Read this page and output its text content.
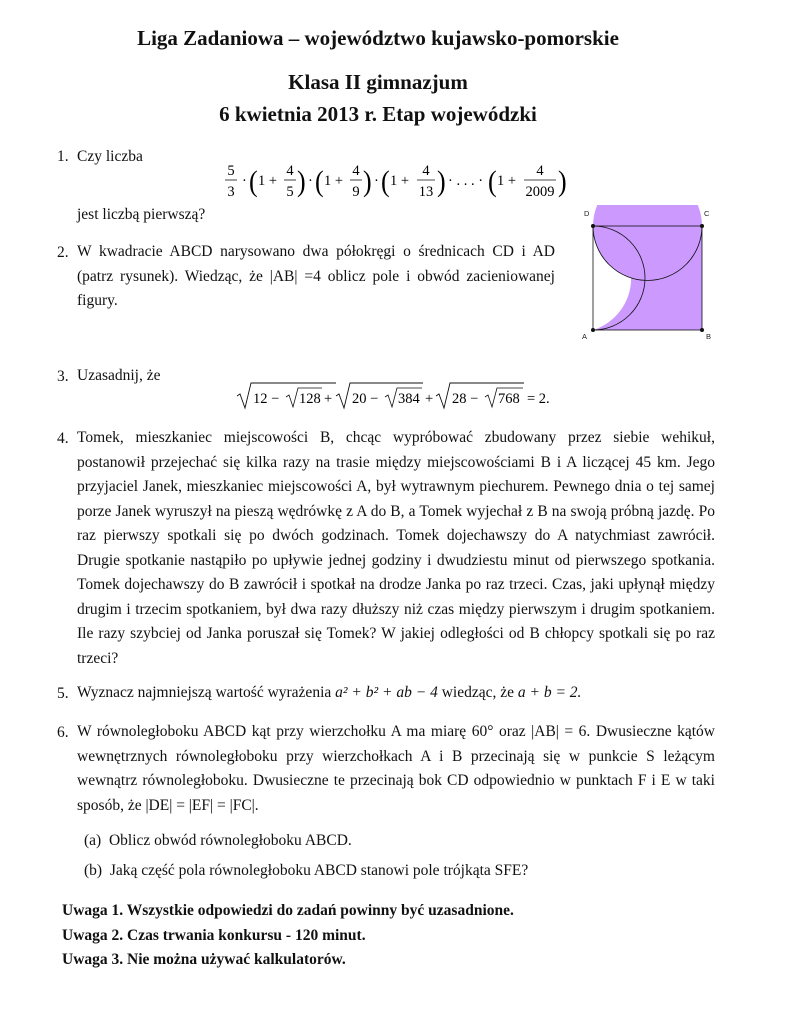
Liga Zadaniowa – województwo kujawsko-pomorskie
Klasa II gimnazjum
6 kwietnia 2013 r. Etap wojewódzki
1. Czy liczba
5
3
· ( 1 +
4
5 ) · ( 1 +
4
9 ) · ( 1 +
4
13 ) · . . . · ( 1 +
4
2009 )
jest liczbą pierwszą?
2. W kwadracie ABCD narysowano dwa półokręgi o średnicach CD i AD (patrz rysunek). Wiedząc, że |AB| =4 oblicz pole i obwód zacieniowanej figury.
D	C
A	B
3. Uzasadnij, że
12 − 128 + 20 − 384 + 28 − 768 = 2.
4. Tomek, mieszkaniec miejscowości B, chcąc wypróbować zbudowany przez siebie wehikuł, postanowił przejechać się kilka razy na trasie między miejscowościami B i A liczącej 45 km. Jego przyjaciel Janek, mieszkaniec miejscowości A, był wytrawnym piechurem. Pewnego dnia o tej samej porze Janek wyruszył na pieszą wędrówkę z A do B, a Tomek wyjechał z B na swoją próbną jazdę. Po raz pierwszy spotkali się po dwóch godzinach. Tomek dojechawszy do A natychmiast zawrócił. Drugie spotkanie nastąpiło po upływie jednej godziny i dwudziestu minut od pierwszego spotkania. Tomek dojechawszy do B zawrócił i spotkał na drodze Janka po raz trzeci. Czas, jaki upłynął między drugim i trzecim spotkaniem, był dwa razy dłuższy niż czas między pierwszym i drugim spotkaniem. Ile razy szybciej od Janka poruszał się Tomek? W jakiej odległości od B chłopcy spotkali się po raz trzeci?
5. Wyznacz najmniejszą wartość wyrażenia a² + b² + ab − 4 wiedząc, że a + b = 2.
6. W równoległoboku ABCD kąt przy wierzchołku A ma miarę 60° oraz |AB| = 6. Dwusieczne kątów wewnętrznych równoległoboku przy wierzchołkach A i B przecinają się w punkcie S leżącym wewnątrz równoległoboku. Dwusieczne te przecinają bok CD odpowiednio w punktach F i E w taki sposób, że |DE| = |EF| = |FC|.
(a) Oblicz obwód równoległoboku ABCD.
(b) Jaką część pola równoległoboku ABCD stanowi pole trójkąta SFE?
Uwaga 1. Wszystkie odpowiedzi do zadań powinny być uzasadnione.
Uwaga 2. Czas trwania konkursu - 120 minut.
Uwaga 3. Nie można używać kalkulatorów.
